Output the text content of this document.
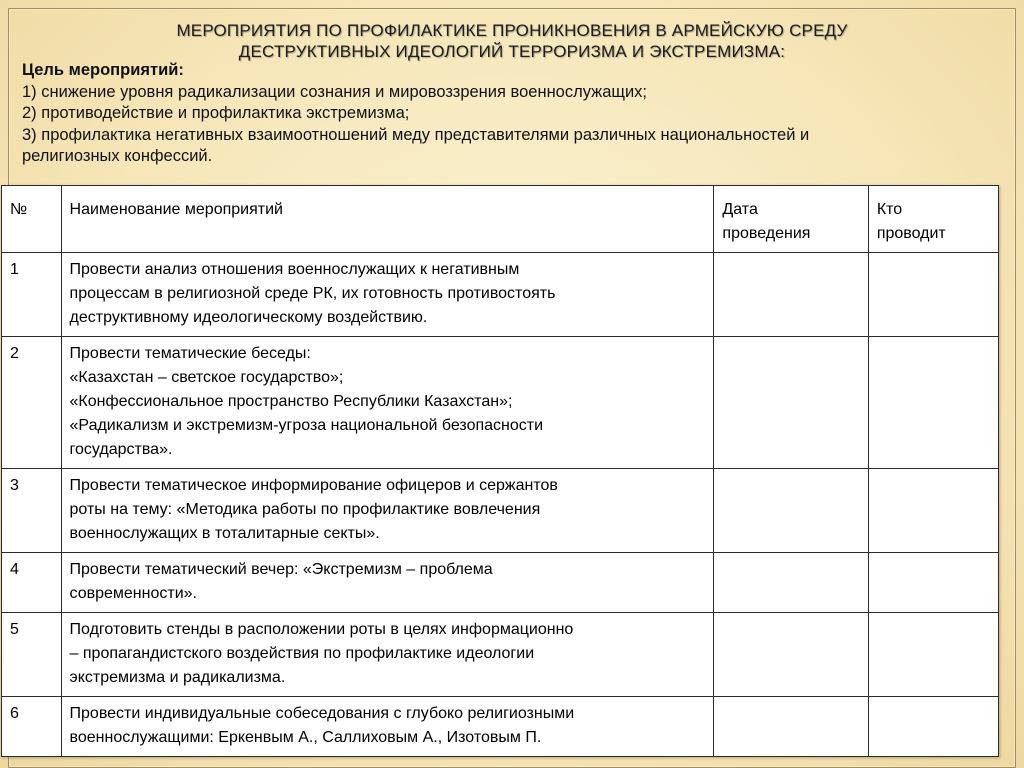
МЕРОПРИЯТИЯ ПО ПРОФИЛАКТИКЕ ПРОНИКНОВЕНИЯ В АРМЕЙСКУЮ СРЕДУ
ДЕСТРУКТИВНЫХ ИДЕОЛОГИЙ ТЕРРОРИЗМА И ЭКСТРЕМИЗМА:
Цель мероприятий:
1) снижение уровня радикализации сознания и мировоззрения военнослужащих;
2) противодействие и профилактика экстремизма;
3) профилактика негативных взаимоотношений меду представителями различных национальностей и
религиозных конфессий.
№	Наименование мероприятий	Дата
проведения	Кто
проводит

1	Провести анализ отношения военнослужащих к негативным
процессам в религиозной среде РК, их готовность противостоять
деструктивному идеологическому воздействию.		

2	Провести тематические беседы:
«Казахстан – светское государство»;
«Конфессиональное пространство Республики Казахстан»;
«Радикализм и экстремизм-угроза национальной безопасности
государства».		

3	Провести тематическое информирование офицеров и сержантов
роты на тему: «Методика работы по профилактике вовлечения
военнослужащих в тоталитарные секты».		

4	Провести тематический вечер: «Экстремизм – проблема
современности».		

5	Подготовить стенды в расположении роты в целях информационно
– пропагандистского воздействия по профилактике идеологии
экстремизма и радикализма.		

6	Провести индивидуальные собеседования с глубоко религиозными
военнослужащими: Еркенвым А., Саллиховым А., Изотовым П.		
